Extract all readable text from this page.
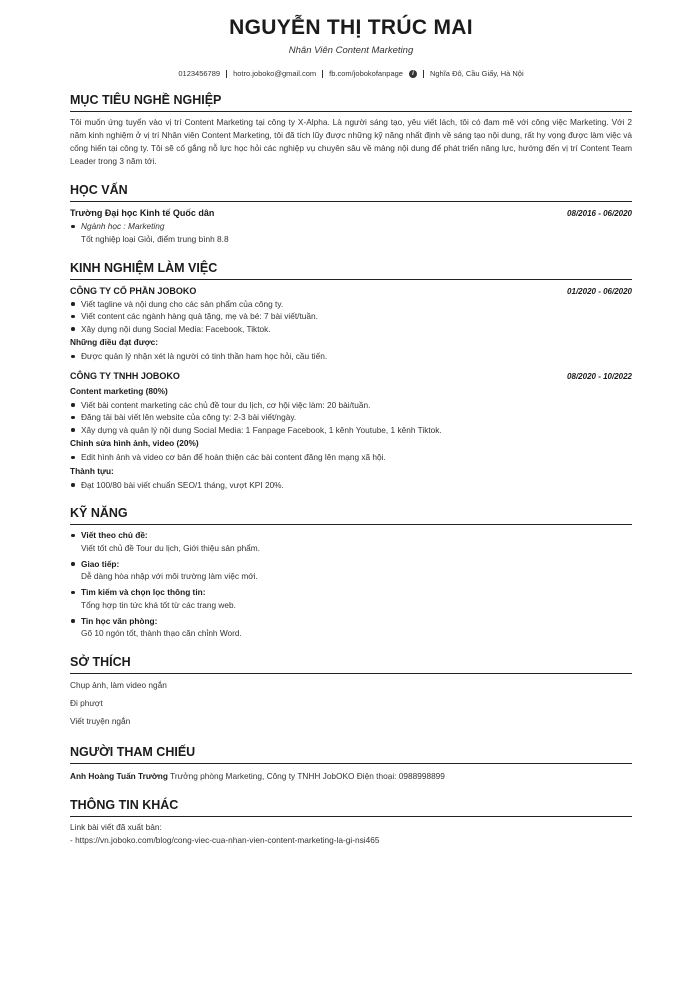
NGUYỄN THỊ TRÚC MAI
Nhân Viên Content Marketing
0123456789 hotro.joboko@gmail.com fb.com/jobokofanpage	i	Nghĩa Đô, Cầu Giấy, Hà Nội
MỤC TIÊU NGHỀ NGHIỆP
Tôi muốn ứng tuyển vào vị trí Content Marketing tại công ty X-Alpha. Là người sáng tạo, yêu viết lách, tôi có đam mê với công việc Marketing. Với 2 năm kinh nghiệm ở vị trí Nhân viên Content Marketing, tôi đã tích lũy được những kỹ năng nhất định về sáng tạo nội dung, rất hy vọng được làm việc và cống hiến tại công ty. Tôi sẽ cố gắng nỗ lực học hỏi các nghiệp vụ chuyên sâu về mảng nội dung để phát triển năng lực, hướng đến vị trí Content Team Leader trong 3 năm tới.
HỌC VẤN
Trường Đại học Kinh tế Quốc dân	08/2016 - 06/2020
Ngành học : Marketing
Tốt nghiệp loại Giỏi, điểm trung bình 8.8
KINH NGHIỆM LÀM VIỆC
CÔNG TY CỔ PHẦN JOBOKO	01/2020 - 06/2020
Viết tagline và nội dung cho các sản phẩm của công ty.
Viết content các ngành hàng quà tặng, mẹ và bé: 7 bài viết/tuần.
Xây dựng nội dung Social Media: Facebook, Tiktok.
Những điều đạt được:
Được quản lý nhận xét là người có tinh thần ham học hỏi, cầu tiến.
CÔNG TY TNHH JOBOKO	08/2020 - 10/2022
Content marketing (80%)
Viết bài content marketing các chủ đề tour du lịch, cơ hội việc làm: 20 bài/tuần.
Đăng tải bài viết lên website của công ty: 2-3 bài viết/ngày.
Xây dựng và quản lý nội dung Social Media: 1 Fanpage Facebook, 1 kênh Youtube, 1 kênh Tiktok.
Chỉnh sửa hình ảnh, video (20%)
Edit hình ảnh và video cơ bản để hoàn thiện các bài content đăng lên mạng xã hội.
Thành tựu:
Đạt 100/80 bài viết chuẩn SEO/1 tháng, vượt KPI 20%.
KỸ NĂNG
Viết theo chủ đề:
Viết tốt chủ đề Tour du lịch, Giới thiệu sản phẩm.
Giao tiếp:
Dễ dàng hòa nhập với môi trường làm việc mới.
Tìm kiếm và chọn lọc thông tin:
Tổng hợp tin tức khá tốt từ các trang web.
Tin học văn phòng:
Gõ 10 ngón tốt, thành thạo căn chỉnh Word.
SỞ THÍCH
Chụp ảnh, làm video ngắn
Đi phượt
Viết truyện ngắn
NGƯỜI THAM CHIẾU
Anh Hoàng Tuấn Trường Trưởng phòng Marketing, Công ty TNHH JobOKO Điện thoại: 0988998899
THÔNG TIN KHÁC
Link bài viết đã xuất bản:
- https://vn.joboko.com/blog/cong-viec-cua-nhan-vien-content-marketing-la-gi-nsi465
